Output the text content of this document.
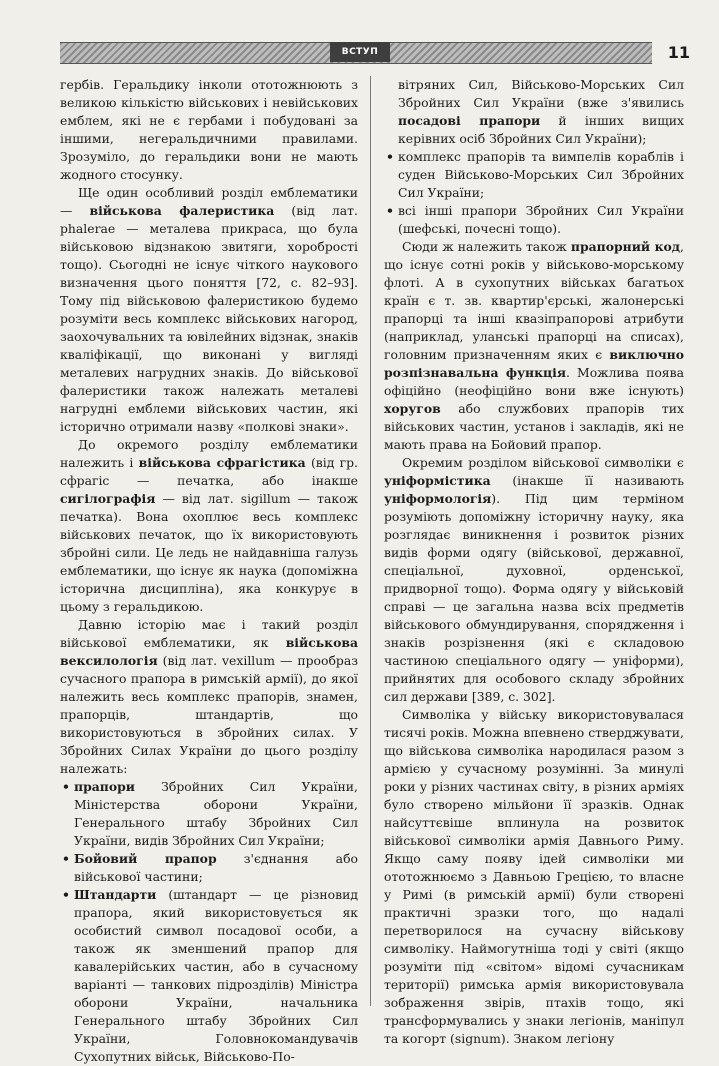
ВСТУП	11

гербів. Геральдику інколи ототожнюють з великою кількістю військових і невійськових емблем, які не є гербами і побудовані за іншими, негеральдичними правилами. Зрозуміло, до геральдики вони не мають жодного стосунку.

Ще один особливий розділ емблематики — військова фалеристика (від лат. phalerae — металева прикраса, що була військовою відзнакою звитяги, хоробрості тощо). Сьогодні не існує чіткого наукового визначення цього поняття [72, с. 82–93]. Тому під військовою фалеристикою будемо розуміти весь комплекс військових нагород, заохочувальних та ювілейних відзнак, знаків кваліфікації, що виконані у вигляді металевих нагрудних знаків. До військової фалеристики також належать металеві нагрудні емблеми військових частин, які історично отримали назву «полкові знаки».

До окремого розділу емблематики належить і військова сфрагістика (від гр. сфрагіс — печатка, або інакше сигілографія — від лат. sigillum — також печатка). Вона охоплює весь комплекс військових печаток, що їх використовують збройні сили. Це ледь не найдавніша галузь емблематики, що існує як наука (допоміжна історична дисципліна), яка конкурує в цьому з геральдикою.

Давню історію має і такий розділ військової емблематики, як військова вексилологія (від лат. vexillum — прообраз сучасного прапора в римській армії), до якої належить весь комплекс прапорів, знамен, прапорців, штандартів, що використовуються в збройних силах. У Збройних Силах України до цього розділу належать:

• прапори Збройних Сил України, Міністерства оборони України, Генерального штабу Збройних Сил України, видів Збройних Сил України;
• Бойовий прапор з'єднання або військової частини;
• Штандарти (штандарт — це різновид прапора, який використовується як особистий символ посадової особи, а також як зменшений прапор для кавалерійських частин, або в сучасному варіанті — танкових підрозділів) Міністра оборони України, начальника Генерального штабу Збройних Сил України, Головнокомандувачів Сухопутних військ, Військово-По-
вітряних Сил, Військово-Морських Сил Збройних Сил України (вже з'явились посадові прапори й інших вищих керівних осіб Збройних Сил України);
• комплекс прапорів та вимпелів кораблів і суден Військово-Морських Сил Збройних Сил України;
• всі інші прапори Збройних Сил України (шефські, почесні тощо).

Сюди ж належить також прапорний код, що існує сотні років у військово-морському флоті. А в сухопутних військах багатьох країн є т. зв. квартир'єрські, жалонерські прапорці та інші квазіпрапорові атрибути (наприклад, уланські прапорці на списах), головним призначенням яких є виключно розпізнавальна функція. Можлива поява офіційно (неофіційно вони вже існують) хоругов або службових прапорів тих військових частин, установ і закладів, які не мають права на Бойовий прапор.

Окремим розділом військової символіки є уніформістика (інакше її називають уніформологія). Під цим терміном розуміють допоміжну історичну науку, яка розглядає виникнення і розвиток різних видів форми одягу (військової, державної, спеціальної, духовної, орденської, придворної тощо). Форма одягу у військовій справі — це загальна назва всіх предметів військового обмундирування, спорядження і знаків розрізнення (які є складовою частиною спеціального одягу — уніформи), прийнятих для особового складу збройних сил держави [389, с. 302].

Символіка у війську використовувалася тисячі років. Можна впевнено стверджувати, що військова символіка народилася разом з армією у сучасному розумінні. За минулі роки у різних частинах світу, в різних арміях було створено мільйони її зразків. Однак найсуттєвіше вплинула на розвиток військової символіки армія Давнього Риму. Якщо саму появу ідей символіки ми ототожнюємо з Давньою Грецією, то власне у Римі (в римській армії) були створені практичні зразки того, що надалі перетворилося на сучасну військову символіку. Наймогутніша тоді у світі (якщо розуміти під «світом» відомі сучасникам території) римська армія використовувала зображення звірів, птахів тощо, які трансформувались у знаки легіонів, маніпул та когорт (signum). Знаком легіону
